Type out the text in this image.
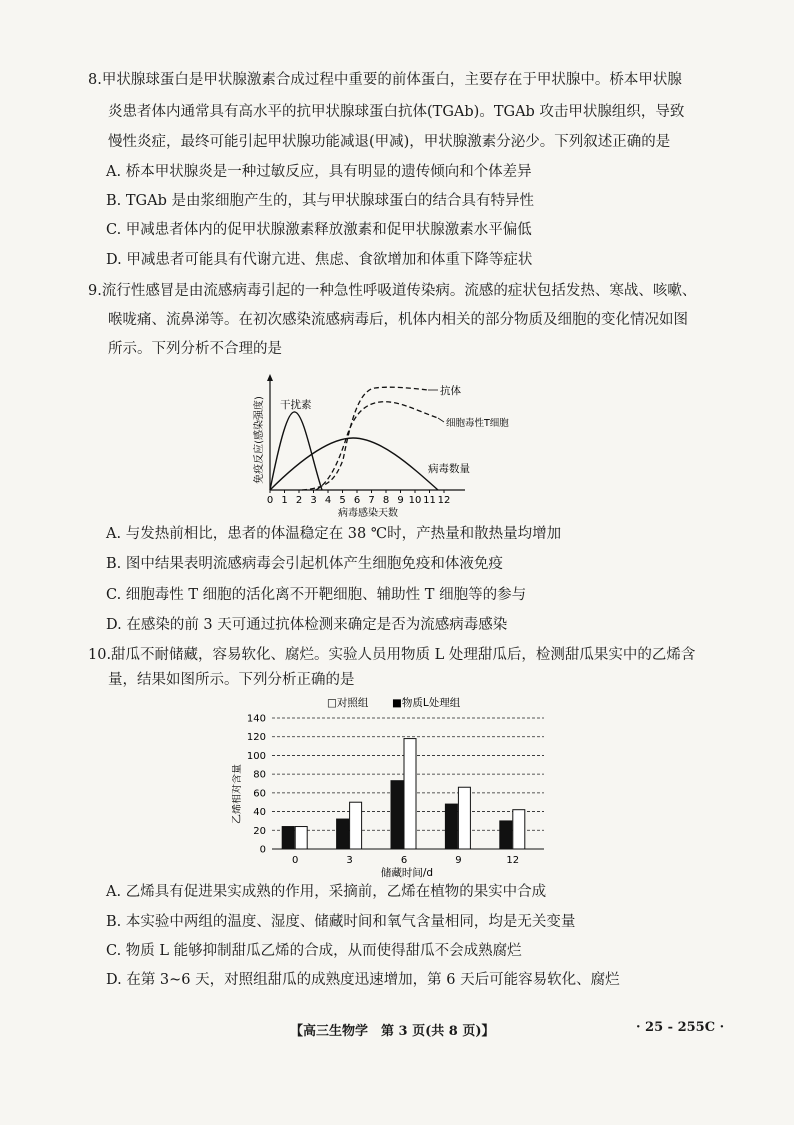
8.甲状腺球蛋白是甲状腺激素合成过程中重要的前体蛋白，主要存在于甲状腺中。桥本甲状腺
炎患者体内通常具有高水平的抗甲状腺球蛋白抗体(TGAb)。TGAb 攻击甲状腺组织，导致
慢性炎症，最终可能引起甲状腺功能减退(甲减)，甲状腺激素分泌少。下列叙述正确的是
A. 桥本甲状腺炎是一种过敏反应，具有明显的遗传倾向和个体差异
B. TGAb 是由浆细胞产生的，其与甲状腺球蛋白的结合具有特异性
C. 甲减患者体内的促甲状腺激素释放激素和促甲状腺激素水平偏低
D. 甲减患者可能具有代谢亢进、焦虑、食欲增加和体重下降等症状
9.流行性感冒是由流感病毒引起的一种急性呼吸道传染病。流感的症状包括发热、寒战、咳嗽、
喉咙痛、流鼻涕等。在初次感染流感病毒后，机体内相关的部分物质及细胞的变化情况如图
所示。下列分析不合理的是
免疫反应(感染强度)
0 1 2 3 4 5 6 7 8 9 10 11 12
干扰素
抗体
细胞毒性T细胞
病毒数量
病毒感染天数
A. 与发热前相比，患者的体温稳定在 38 ℃时，产热量和散热量均增加
B. 图中结果表明流感病毒会引起机体产生细胞免疫和体液免疫
C. 细胞毒性 T 细胞的活化离不开靶细胞、辅助性 T 细胞等的参与
D. 在感染的前 3 天可通过抗体检测来确定是否为流感病毒感染
10.甜瓜不耐储藏，容易软化、腐烂。实验人员用物质 L 处理甜瓜后，检测甜瓜果实中的乙烯含
量，结果如图所示。下列分析正确的是
□对照组 ■物质L处理组
乙烯相对含量
0
20
40
60
80
100
120
140
0	3	6	9	12
储藏时间/d
A. 乙烯具有促进果实成熟的作用，采摘前，乙烯在植物的果实中合成
B. 本实验中两组的温度、湿度、储藏时间和氧气含量相同，均是无关变量
C. 物质 L 能够抑制甜瓜乙烯的合成，从而使得甜瓜不会成熟腐烂
D. 在第 3~6 天，对照组甜瓜的成熟度迅速增加，第 6 天后可能容易软化、腐烂
【高三生物学　第 3 页(共 8 页)】	· 25 - 255C ·
